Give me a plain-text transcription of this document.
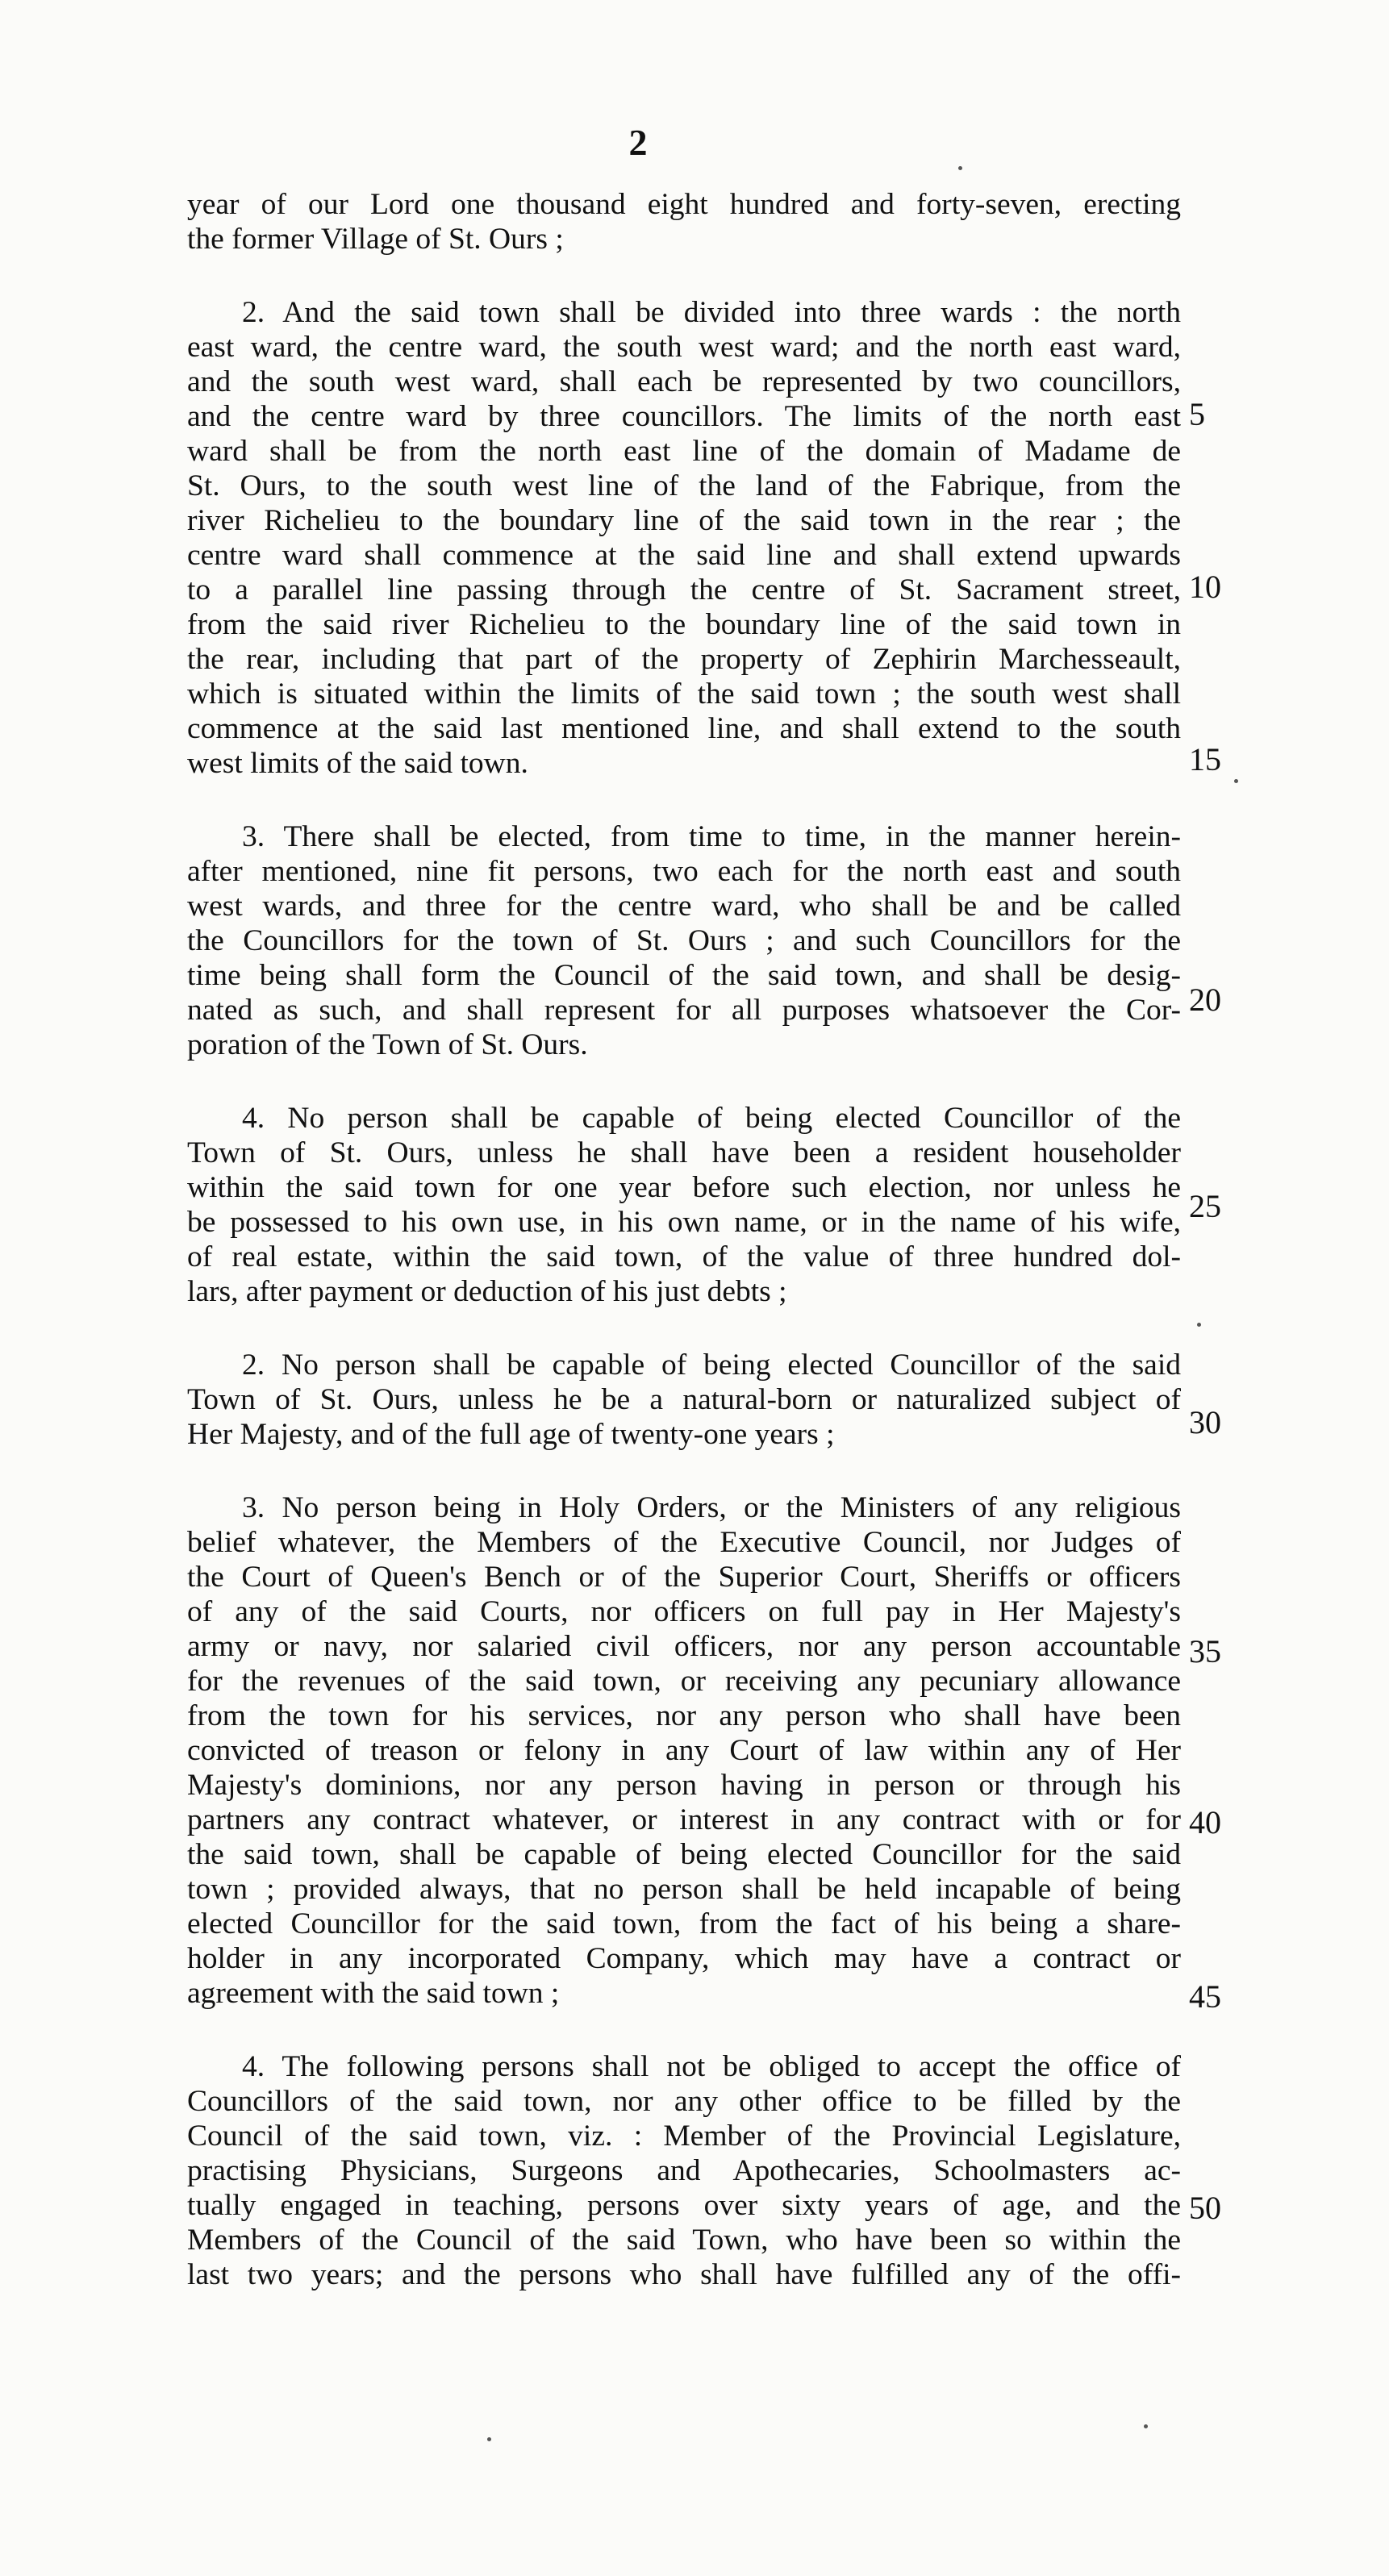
2
year of our Lord one thousand eight hundred and forty-seven, erecting
the former Village of St. Ours ;
2. And the said town shall be divided into three wards : the north
east ward, the centre ward, the south west ward; and the north east ward,
and the south west ward, shall each be represented by two councillors,
and the centre ward by three councillors. The limits of the north east
ward shall be from the north east line of the domain of Madame de
St. Ours, to the south west line of the land of the Fabrique, from the
river Richelieu to the boundary line of the said town in the rear ; the
centre ward shall commence at the said line and shall extend upwards
to a parallel line passing through the centre of St. Sacrament street,
from the said river Richelieu to the boundary line of the said town in
the rear, including that part of the property of Zephirin Marchesseault,
which is situated within the limits of the said town ; the south west shall
commence at the said last mentioned line, and shall extend to the south
west limits of the said town.
3. There shall be elected, from time to time, in the manner herein-
after mentioned, nine fit persons, two each for the north east and south
west wards, and three for the centre ward, who shall be and be called
the Councillors for the town of St. Ours ; and such Councillors for the
time being shall form the Council of the said town, and shall be desig-
nated as such, and shall represent for all purposes whatsoever the Cor-
poration of the Town of St. Ours.
4. No person shall be capable of being elected Councillor of the
Town of St. Ours, unless he shall have been a resident householder
within the said town for one year before such election, nor unless he
be possessed to his own use, in his own name, or in the name of his wife,
of real estate, within the said town, of the value of three hundred dol-
lars, after payment or deduction of his just debts ;
2. No person shall be capable of being elected Councillor of the said
Town of St. Ours, unless he be a natural-born or naturalized subject of
Her Majesty, and of the full age of twenty-one years ;
3. No person being in Holy Orders, or the Ministers of any religious
belief whatever, the Members of the Executive Council, nor Judges of
the Court of Queen's Bench or of the Superior Court, Sheriffs or officers
of any of the said Courts, nor officers on full pay in Her Majesty's
army or navy, nor salaried civil officers, nor any person accountable
for the revenues of the said town, or receiving any pecuniary allowance
from the town for his services, nor any person who shall have been
convicted of treason or felony in any Court of law within any of Her
Majesty's dominions, nor any person having in person or through his
partners any contract whatever, or interest in any contract with or for
the said town, shall be capable of being elected Councillor for the said
town ; provided always, that no person shall be held incapable of being
elected Councillor for the said town, from the fact of his being a share-
holder in any incorporated Company, which may have a contract or
agreement with the said town ;
4. The following persons shall not be obliged to accept the office of
Councillors of the said town, nor any other office to be filled by the
Council of the said town, viz. : Member of the Provincial Legislature,
practising Physicians, Surgeons and Apothecaries, Schoolmasters ac-
tually engaged in teaching, persons over sixty years of age, and the
Members of the Council of the said Town, who have been so within the
last two years; and the persons who shall have fulfilled any of the offi-
5
10
15
20
25
30
35
40
45
50
